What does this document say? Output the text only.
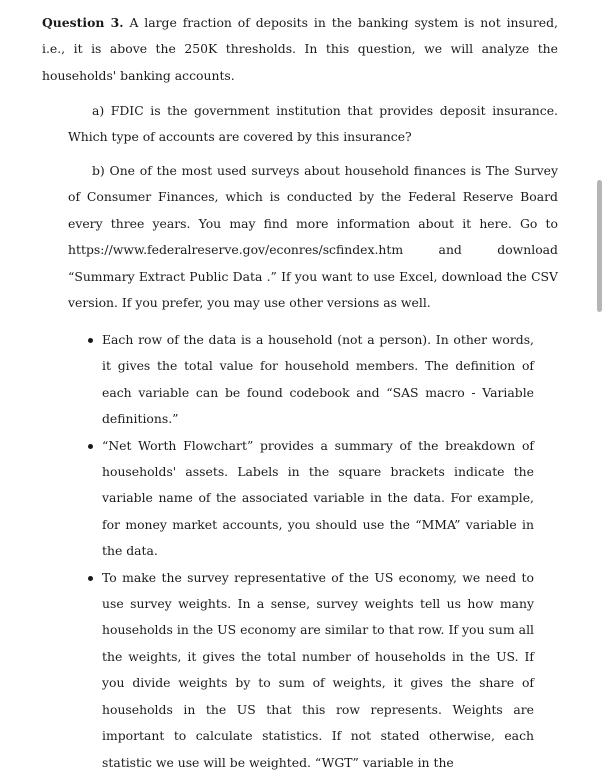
Question 3. A large fraction of deposits in the banking system is not insured, i.e., it is above the 250K thresholds. In this question, we will analyze the households' banking accounts.
a) FDIC is the government institution that provides deposit insurance. Which type of accounts are covered by this insurance?
b) One of the most used surveys about household finances is The Survey of Consumer Finances, which is conducted by the Federal Reserve Board every three years. You may find more information about it here. Go to https://www.federalreserve.gov/econres/scfindex.htm and download “Summary Extract Public Data .” If you want to use Excel, download the CSV version. If you prefer, you may use other versions as well.
Each row of the data is a household (not a person). In other words, it gives the total value for household members. The definition of each variable can be found codebook and “SAS macro - Variable definitions.”
“Net Worth Flowchart” provides a summary of the breakdown of households' assets. Labels in the square brackets indicate the variable name of the associated variable in the data. For example, for money market accounts, you should use the “MMA” variable in the data.
To make the survey representative of the US economy, we need to use survey weights. In a sense, survey weights tell us how many households in the US economy are similar to that row. If you sum all the weights, it gives the total number of households in the US. If you divide weights by to sum of weights, it gives the share of households in the US that this row represents. Weights are important to calculate statistics. If not stated otherwise, each statistic we use will be weighted. “WGT” variable in the
